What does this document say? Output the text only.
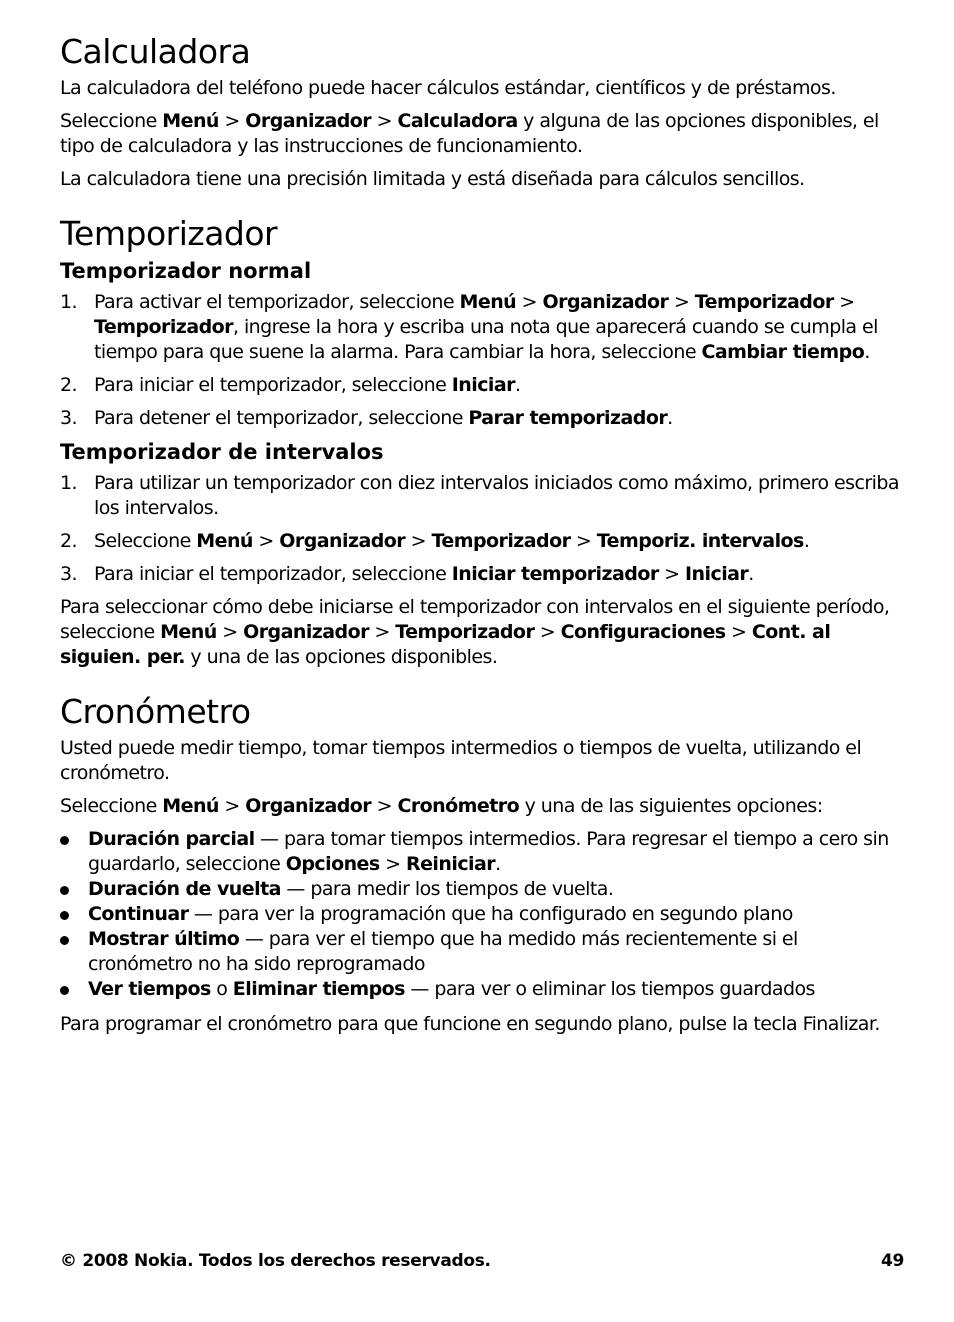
Calculadora

La calculadora del teléfono puede hacer cálculos estándar, científicos y de préstamos.

Seleccione Menú > Organizador > Calculadora y alguna de las opciones disponibles, el tipo de calculadora y las instrucciones de funcionamiento.

La calculadora tiene una precisión limitada y está diseñada para cálculos sencillos.

Temporizador
Temporizador normal
1. Para activar el temporizador, seleccione Menú > Organizador > Temporizador > Temporizador, ingrese la hora y escriba una nota que aparecerá cuando se cumpla el tiempo para que suene la alarma. Para cambiar la hora, seleccione Cambiar tiempo.
2. Para iniciar el temporizador, seleccione Iniciar.
3. Para detener el temporizador, seleccione Parar temporizador.
Temporizador de intervalos
1. Para utilizar un temporizador con diez intervalos iniciados como máximo, primero escriba los intervalos.
2. Seleccione Menú > Organizador > Temporizador > Temporiz. intervalos.
3. Para iniciar el temporizador, seleccione Iniciar temporizador > Iniciar.

Para seleccionar cómo debe iniciarse el temporizador con intervalos en el siguiente período, seleccione Menú > Organizador > Temporizador > Configuraciones > Cont. al siguien. per. y una de las opciones disponibles.

Cronómetro

Usted puede medir tiempo, tomar tiempos intermedios o tiempos de vuelta, utilizando el cronómetro.

Seleccione Menú > Organizador > Cronómetro y una de las siguientes opciones:

Duración parcial — para tomar tiempos intermedios. Para regresar el tiempo a cero sin guardarlo, seleccione Opciones > Reiniciar.
Duración de vuelta — para medir los tiempos de vuelta.
Continuar — para ver la programación que ha configurado en segundo plano
Mostrar último — para ver el tiempo que ha medido más recientemente si el cronómetro no ha sido reprogramado
Ver tiempos o Eliminar tiempos — para ver o eliminar los tiempos guardados

Para programar el cronómetro para que funcione en segundo plano, pulse la tecla Finalizar.

© 2008 Nokia. Todos los derechos reservados.	49
